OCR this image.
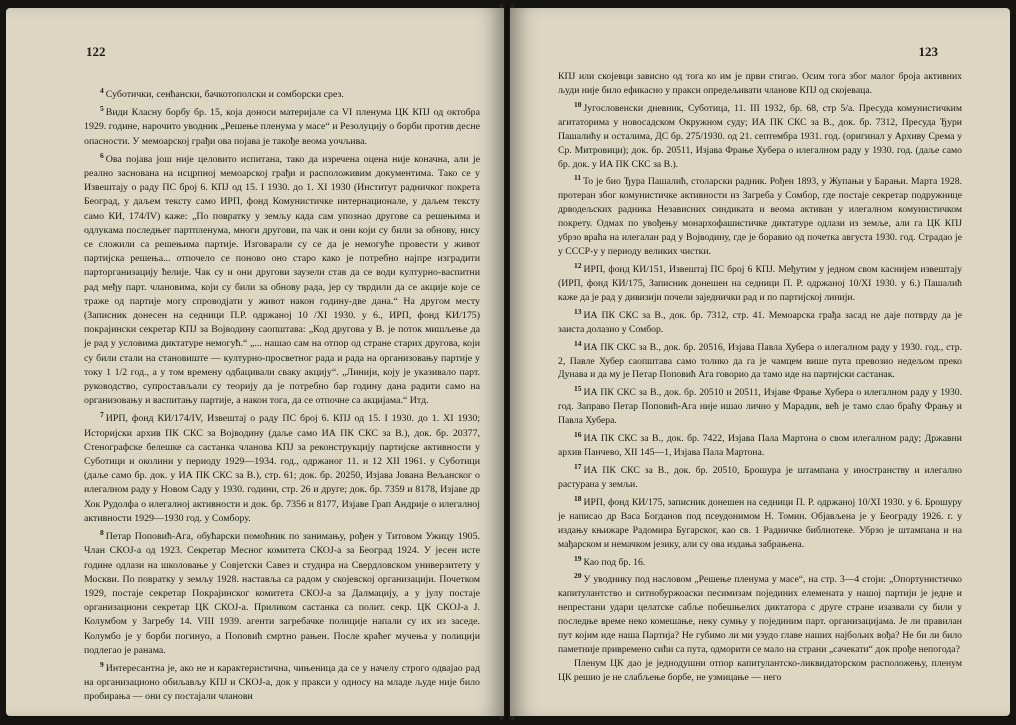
122

$^4$ Суботички, сенћански, бачкотополски и сомборски срез.

$^5$ Види Класну борбу бр. 15, која доноси материјале са VI пленума ЦК КПЈ од октобра 1929. године, нарочито уводник „Решење пленума у масе“ и Резолуцију о борби против десне опасности. У мемоарској грађи ова појава је такође веома уочљива.

$^6$ Ова појава још није целовито испитана, тако да изречена оцена није коначна, али је реално засновaна на исцрпној мемоарској грађи и расположивим документима. Тако се у Извештају о раду ПС број 6. КПЈ од 15. I 1930. до 1. XI 1930 (Институт радничког покрета Београд, у даљем тексту само ИРП, фонд Комунистичке интернационале, у даљем тексту само КИ, 174/IV) каже: „По повратку у земљу када сам упознао другове са решењима и одлукама последњег партпленума, многи другови, па чак и они који су били за обнову, нису се сложили са решењима партије. Изговарали су се да је немогуће провести у живот партијска решења... отпочело се поново оно старо како је потребно најпре изградити парторганизацију ћелије. Чак су и они другови заузели став да се води културно-васпитни рад међу парт. члановима, који су били за обнову рада, јер су тврдили да се акције које се траже од партије могу спроводјати у живот након годину-две дана.“ На другом месту (Записник донесен на седници П.Р. одржаној 10 /XI 1930. у 6., ИРП, фонд КИ/175) покрајински секретар КПЈ за Војводину саопштава: „Код другова у В. је поток мишљење да је рад у условима диктатуре немогућ.“ „... нашао сам на отпор од стране старих другова, који су били стали на становиште — културно-просветног рада и рада на организовању партије у току 1 1/2 год., а у том времену одбацивали сваку акцију“. „Линији, коју је указивало парт. руководство, супростављали су теорију да је потребно бар годину дана радити само на организовању и васпитању партије, а након тога, да се отпочне са акцијама.“ Итд.

$^7$ ИРП, фонд КИ/174/IV, Извештај о раду ПС број 6. КПЈ од 15. I 1930. до 1. XI 1930; Историјски архив ПК СКС за Војводину (даље само ИА ПК СКС за В.), док. бр. 20377, Стенографске белешке са састанка чланова КПЈ за реконструкцију партијске активности у Суботици и околини у периоду 1929—1934. год., одржаног 11. и 12 XII 1961. у Суботици (даље само бр. док. у ИА ПК СКС за В.), стр. 61; док. бр. 20250, Изјава Јована Вељанског о илегалном раду у Новом Саду у 1930. години, стр. 26 и друге; док. бр. 7359 и 8178, Изјаве др Хок Рудолфа о илегалној активности и док. бр. 7356 и 8177, Изјаве Грап Андрије о илегалној активности 1929—1930 год. у Сомбору.

$^8$ Петар Поповић-Ага, обућарски помоћник по занимању, рођен у Титовом Ужицу 1905. Члан СКОЈ-а од 1923. Секретар Месног комитета СКОЈ-а за Београд 1924. У јесен исте године одлази на школовање у Совјетски Савез и студира на Свердловском универзитету у Москви. По повратку у земљу 1928. наставља са радом у скојевској организацији. Почетком 1929, постаје секретар Покрајинског комитета СКОЈ-а за Далмацију, а у јулу постаје организациони секретар ЦК СКОЈ-а. Приликом састанка са полит. секр. ЦК СКОЈ-а Ј. Колумбом у Загребу 14. VIII 1939. агенти загребачке полиције напали су их из заседе. Колумбо је у борби погинуо, а Поповић смртно рањен. После краћег мучења у полицији подлегао је ранама.

$^9$ Интересантна је, ако не и карактеристична, чињеница да се у начелу строго одвајао рад на организационо обиљављу КПЈ и СКОЈ-а, док у пракси у односу на младе људе није било пробирања — они су постајали чланови

123

КПЈ или скојевци зависно од тога ко им је први стигао. Осим тога због малог броја активних људи није било ефикасно у пракси опредељивати чланове КПЈ од скојевaца.

$^{10}$ Југословенски дневник, Суботица, 11. III 1932, бр. 68, стр 5/а. Пресуда комунистичким агитаторима у новосадском Окружном суду; ИА ПК СКС за В., док. бр. 7312, Пресуда Ђури Пашалићу и осталима, ДС бр. 275/1930. од 21. септембра 1931. год. (оригинал у Архиву Срема у Ср. Митровици); док. бр. 20511, Изјава Фрање Хубера о илегалном раду у 1930. год. (даље само бр. док. у ИА ПК СКС за В.).

$^{11}$ То је био Ђура Пашалић, столарски радник. Рођен 1893, у Жупањи у Барањи. Марта 1928. протеран због комунистичке активности из Загреба у Сомбор, где постаје секретар подружнице дрводељских радника Независних синдиката и веома активан у илегалном комунистичком покрету. Одмах по увођењу монархофашистичке диктатуре одлази из земље, али га ЦК КПЈ убрзо враћа на илегалан рад у Војводину, где је боравио од почетка августа 1930. год. Страдао је у СССР-у у периоду великих чистки.

$^{12}$ ИРП, фонд КИ/151, Извештај ПС број 6 КПЈ. Међутим у једном свом каснијем извештају (ИРП, фонд КИ/175, Записник донешен на седници П. Р. одржаној 10/XI 1930. у 6.) Пашалић каже да је рад у дивизији почели заједнички рад и по партијској линији.

$^{13}$ ИА ПК СКС за В., док. бр. 7312, стр. 41. Мемоарска грађа засад не даје потврду да је заиста долазио у Сомбор.

$^{14}$ ИА ПК СКС за В., док. бр. 20516, Изјава Павла Хубера о илегалном раду у 1930. год., стр. 2, Павле Хубер саопштава само толико да га је чамцем више пута превозио недељом преко Дунава и да му је Петар Поповић Ага говорио да тамо иде на партијски састанак.

$^{15}$ ИА ПК СКС за В., док. бр. 20510 и 20511, Изјаве Фрање Хубера о илегалном раду у 1930. год. Заправо Петар Поповић-Ага није ишао лично у Марадик, већ је тамо слао браћу Фрању и Павла Хубера.

$^{16}$ ИА ПК СКС за В., док. бр. 7422, Изјава Пала Мартона о свом илегалном раду; Државни архив Панчево, XII 145—1, Изјава Пала Мартона.

$^{17}$ ИА ПК СКС за В., док. бр. 20510, Брошура је штампана у иностранству и илегално растурана у земљи.

$^{18}$ ИРП, фонд КИ/175, записник донешен на седници П. Р. одржаној 10/XI 1930. у 6. Брошуру је написао др Васа Богданов под псеудонимом Н. Томин. Објављена је у Београду 1926. г. у издању књижаре Радомира Бугарског, као св. 1 Радничке библиотеке. Убрзо је штампана и на мађарском и немачком језику, али су ова издања забрањена.

$^{19}$ Као под бр. 16.

$^{20}$ У уводнику под насловом „Решење пленума у масе“, на стр. 3—4 стоји: „Опортунистичко капитулантство и ситнобуржоаски песимизам појединих елемената у нашој партији је једне и непрестани удари целатске сабље побешњелих диктатора с друге стране изазвали су били у последње време нeко комешање, неку сумњу у појединим парт. организацијама. Је ли правилан пут којим иде наша Партија? Не губимо ли ми узудо главе наших најбољих вођа? Не би ли било паметније привремено сићи са пута, одморити се мало на страни „сачекати“ док прође непогода?

Пленум ЦК дао је једнодушни отпор капитулантско-ликвидаторском расположењу, пленум ЦК решио је не слабљење борбе, не узмицање — него
